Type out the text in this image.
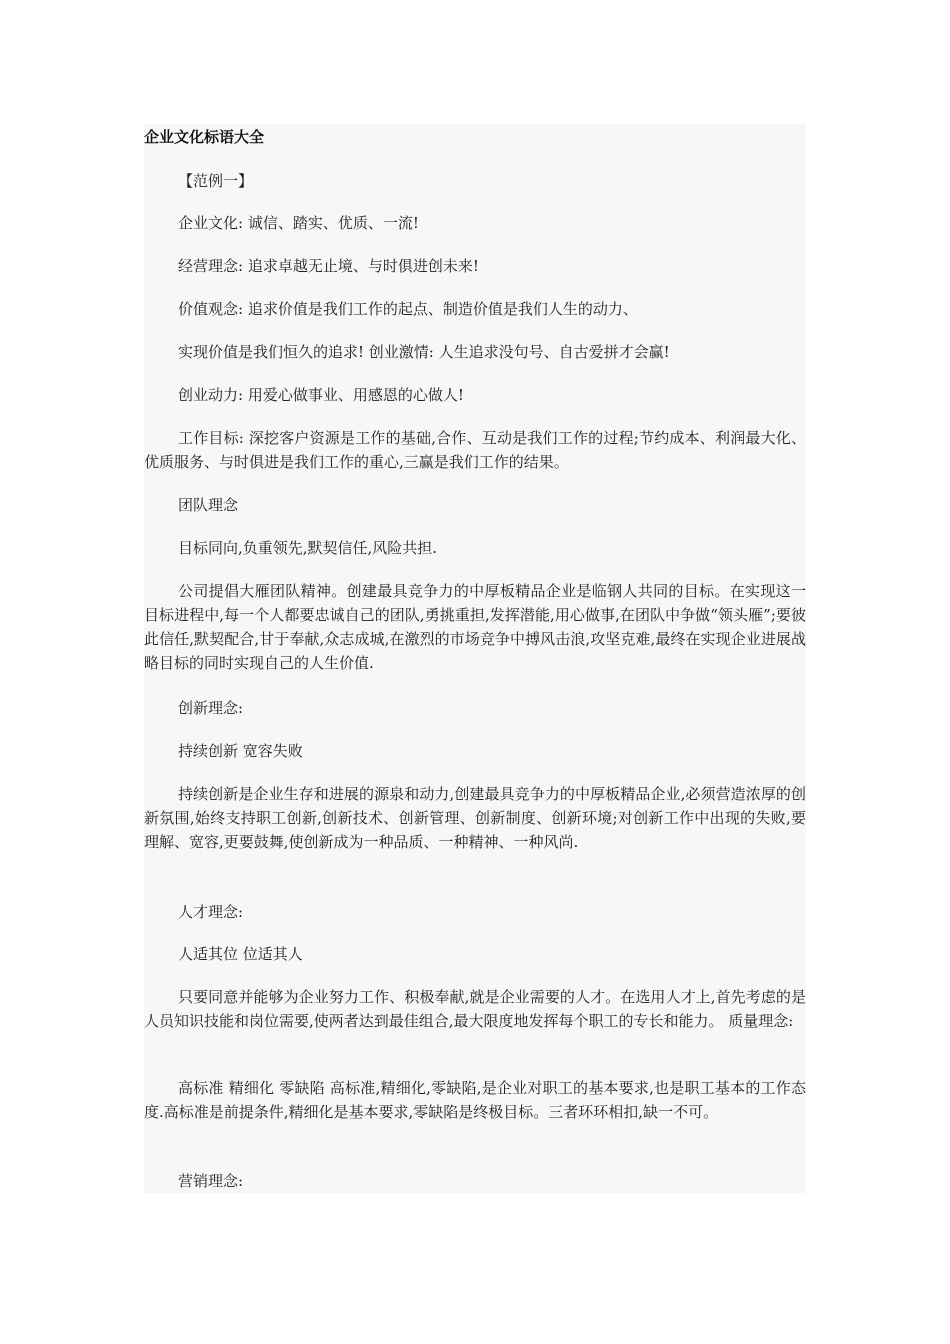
企业文化标语大全
【范例一】
企业文化: 诚信、踏实、优质、一流!
经营理念: 追求卓越无止境、与时俱进创未来!
价值观念: 追求价值是我们工作的起点、制造价值是我们人生的动力、
实现价值是我们恒久的追求! 创业激情: 人生追求没句号、自古爱拼才会赢!
创业动力: 用爱心做事业、用感恩的心做人!
工作目标: 深挖客户资源是工作的基础,合作、互动是我们工作的过程;节约成本、利润最大化、优质服务、与时俱进是我们工作的重心,三赢是我们工作的结果。
团队理念
目标同向,负重领先,默契信任,风险共担.
公司提倡大雁团队精神。创建最具竞争力的中厚板精品企业是临钢人共同的目标。在实现这一目标进程中,每一个人都要忠诚自己的团队,勇挑重担,发挥潜能,用心做事,在团队中争做“领头雁”;要彼此信任,默契配合,甘于奉献,众志成城,在激烈的市场竞争中搏风击浪,攻坚克难,最终在实现企业进展战略目标的同时实现自己的人生价值.
创新理念:
持续创新 宽容失败
持续创新是企业生存和进展的源泉和动力,创建最具竞争力的中厚板精品企业,必须营造浓厚的创新氛围,始终支持职工创新,创新技术、创新管理、创新制度、创新环境;对创新工作中出现的失败,要理解、宽容,更要鼓舞,使创新成为一种品质、一种精神、一种风尚.
人才理念:
人适其位 位适其人
只要同意并能够为企业努力工作、积极奉献,就是企业需要的人才。在选用人才上,首先考虑的是人员知识技能和岗位需要,使两者达到最佳组合,最大限度地发挥每个职工的专长和能力。 质量理念:
高标准 精细化 零缺陷 高标准,精细化,零缺陷,是企业对职工的基本要求,也是职工基本的工作态度.高标准是前提条件,精细化是基本要求,零缺陷是终极目标。三者环环相扣,缺一不可。
营销理念:
